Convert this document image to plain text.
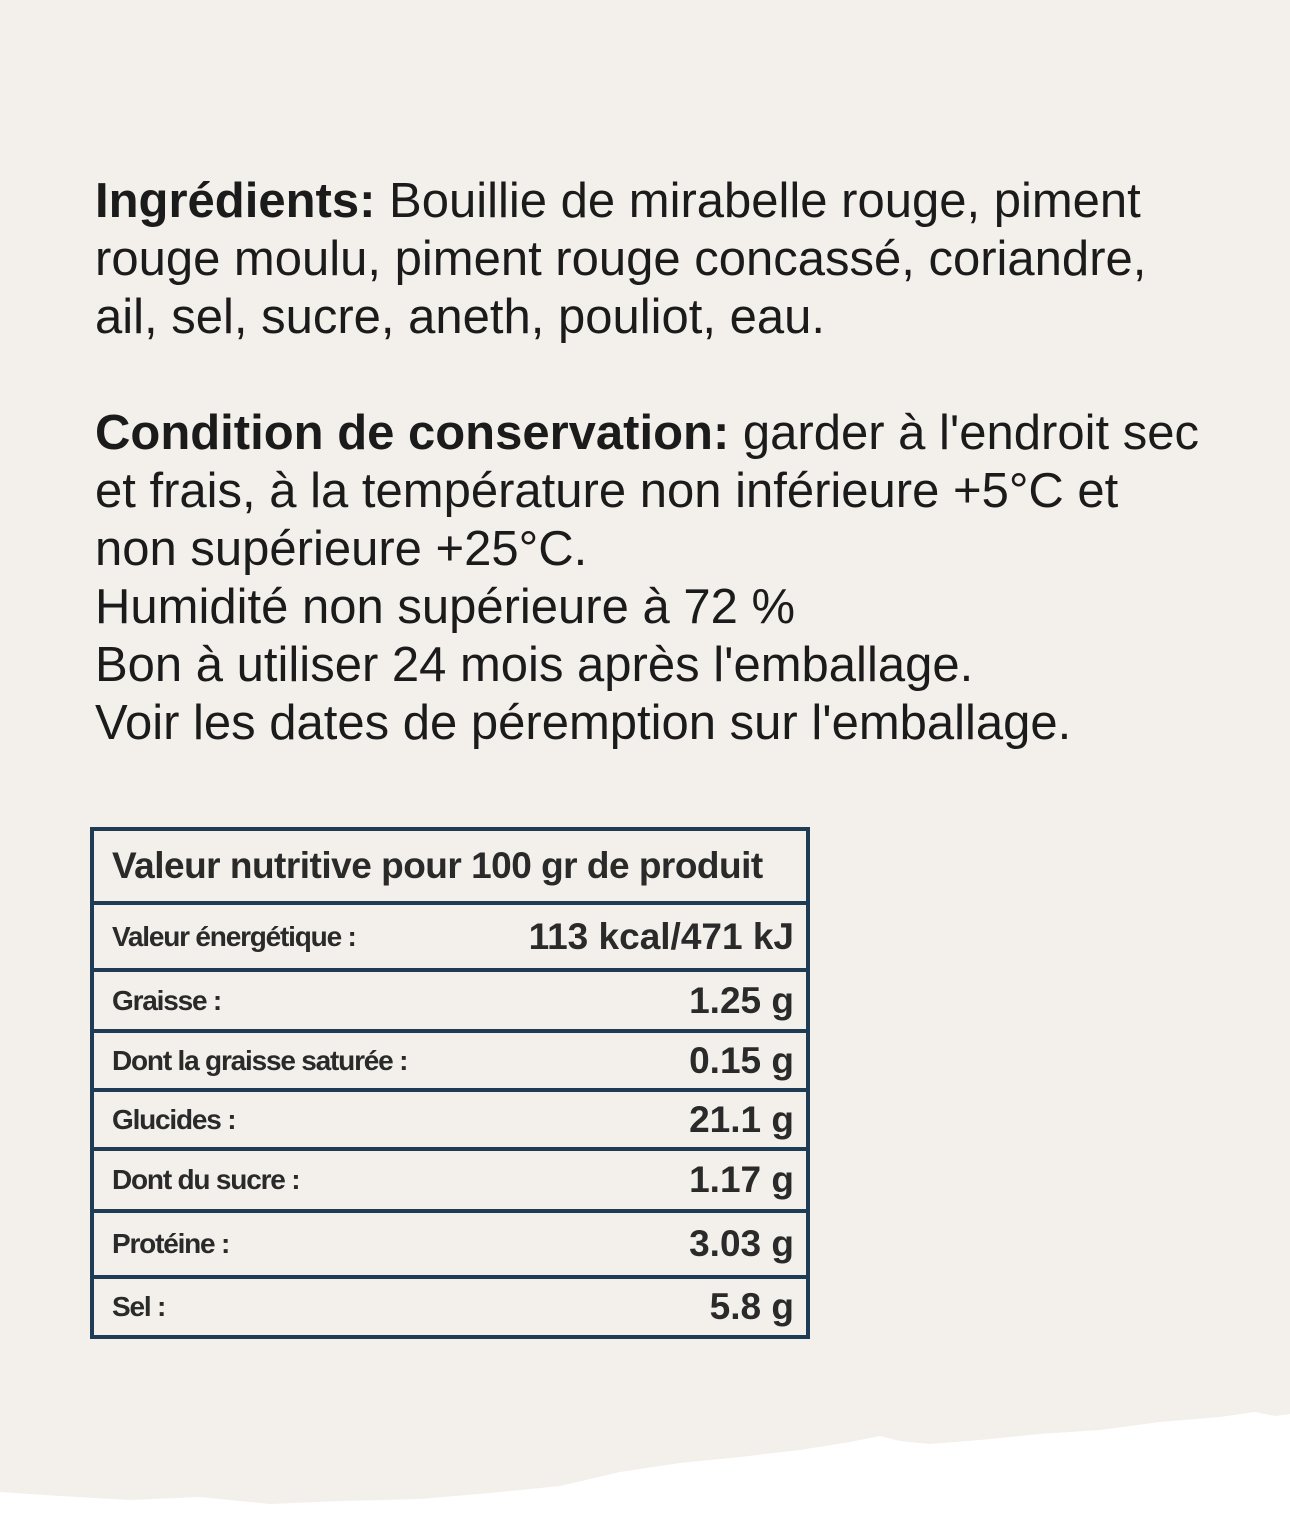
Ingrédients: Bouillie de mirabelle rouge, piment
rouge moulu, piment rouge concassé, coriandre,
ail, sel, sucre, aneth, pouliot, eau.
Condition de conservation: garder à l'endroit sec
et frais, à la température non inférieure +5°C et
non supérieure +25°C.
Humidité non supérieure à 72 %
Bon à utiliser 24 mois après l'emballage.
Voir les dates de péremption sur l'emballage.
Valeur nutritive pour 100 gr de produit
Valeur énergétique :	113 kcal/471 kJ
Graisse :	1.25 g
Dont la graisse saturée :	0.15 g
Glucides :	21.1 g
Dont du sucre :	1.17 g
Protéine :	3.03 g
Sel :	5.8 g
